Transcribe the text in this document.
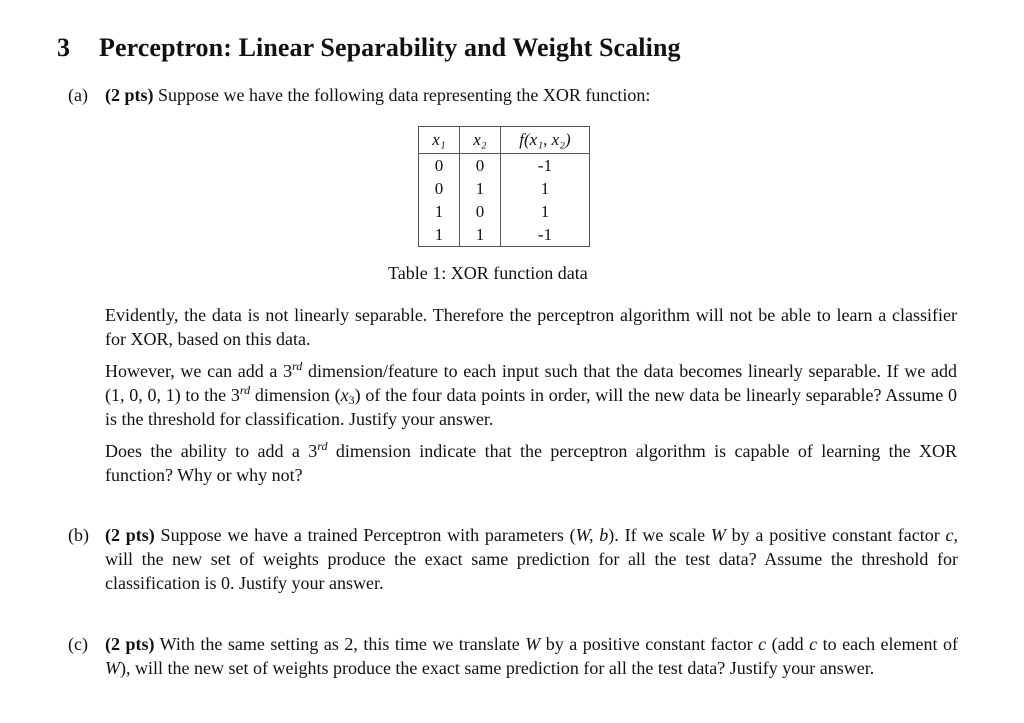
3 Perceptron: Linear Separability and Weight Scaling
(a) (2 pts) Suppose we have the following data representing the XOR function:
x₁	x₂	f(x₁, x₂)
0	0	-1
0	1	1
1	0	1
1	1	-1
Table 1: XOR function data
Evidently, the data is not linearly separable. Therefore the perceptron algorithm will not be able to learn a classifier for XOR, based on this data.
However, we can add a 3rd dimension/feature to each input such that the data becomes linearly separable. If we add (1, 0, 0, 1) to the 3rd dimension $(x_3)$ of the four data points in order, will the new data be linearly separable? Assume 0 is the threshold for classification. Justify your answer.
Does the ability to add a 3rd dimension indicate that the perceptron algorithm is capable of learning the XOR function? Why or why not?
(b) (2 pts) Suppose we have a trained Perceptron with parameters (W, b). If we scale W by a positive constant factor c, will the new set of weights produce the exact same prediction for all the test data? Assume the threshold for classification is 0. Justify your answer.
(c) (2 pts) With the same setting as 2, this time we translate W by a positive constant factor c (add c to each element of W), will the new set of weights produce the exact same prediction for all the test data? Justify your answer.
